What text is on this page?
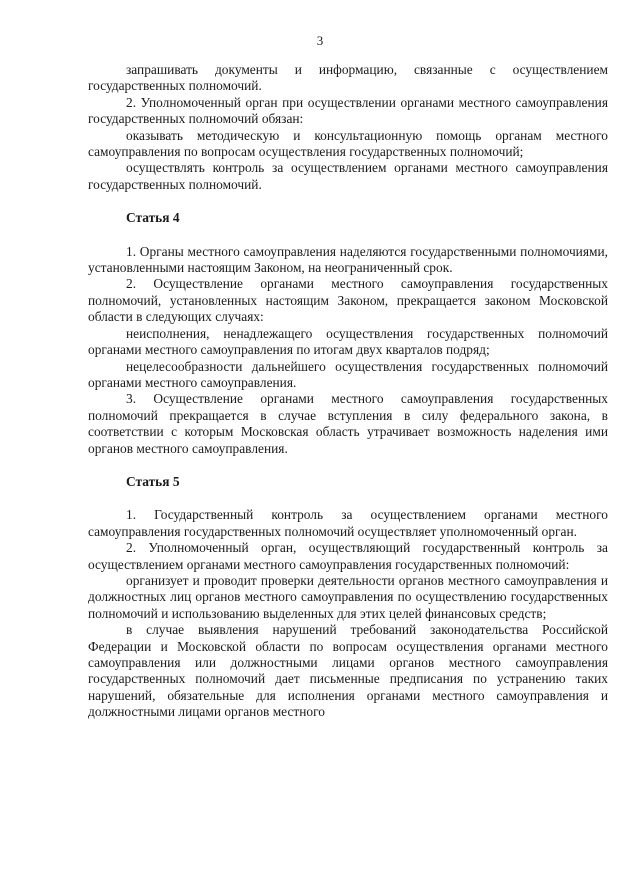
3

запрашивать документы и информацию, связанные с осуществлением государственных полномочий.

2. Уполномоченный орган при осуществлении органами местного самоуправления государственных полномочий обязан:

оказывать методическую и консультационную помощь органам местного самоуправления по вопросам осуществления государственных полномочий;

осуществлять контроль за осуществлением органами местного самоуправления государственных полномочий.

Статья 4

1. Органы местного самоуправления наделяются государственными полномочиями, установленными настоящим Законом, на неограниченный срок.

2. Осуществление органами местного самоуправления государственных полномочий, установленных настоящим Законом, прекращается законом Московской области в следующих случаях:

неисполнения, ненадлежащего осуществления государственных полномочий органами местного самоуправления по итогам двух кварталов подряд;

нецелесообразности дальнейшего осуществления государственных полномочий органами местного самоуправления.

3. Осуществление органами местного самоуправления государственных полномочий прекращается в случае вступления в силу федерального закона, в соответствии с которым Московская область утрачивает возможность наделения ими органов местного самоуправления.

Статья 5

1. Государственный контроль за осуществлением органами местного самоуправления государственных полномочий осуществляет уполномоченный орган.

2. Уполномоченный орган, осуществляющий государственный контроль за осуществлением органами местного самоуправления государственных полномочий:

организует и проводит проверки деятельности органов местного самоуправления и должностных лиц органов местного самоуправления по осуществлению государственных полномочий и использованию выделенных для этих целей финансовых средств;

в случае выявления нарушений требований законодательства Российской Федерации и Московской области по вопросам осуществления органами местного самоуправления или должностными лицами органов местного самоуправления государственных полномочий дает письменные предписания по устранению таких нарушений, обязательные для исполнения органами местного самоуправления и должностными лицами органов местного
